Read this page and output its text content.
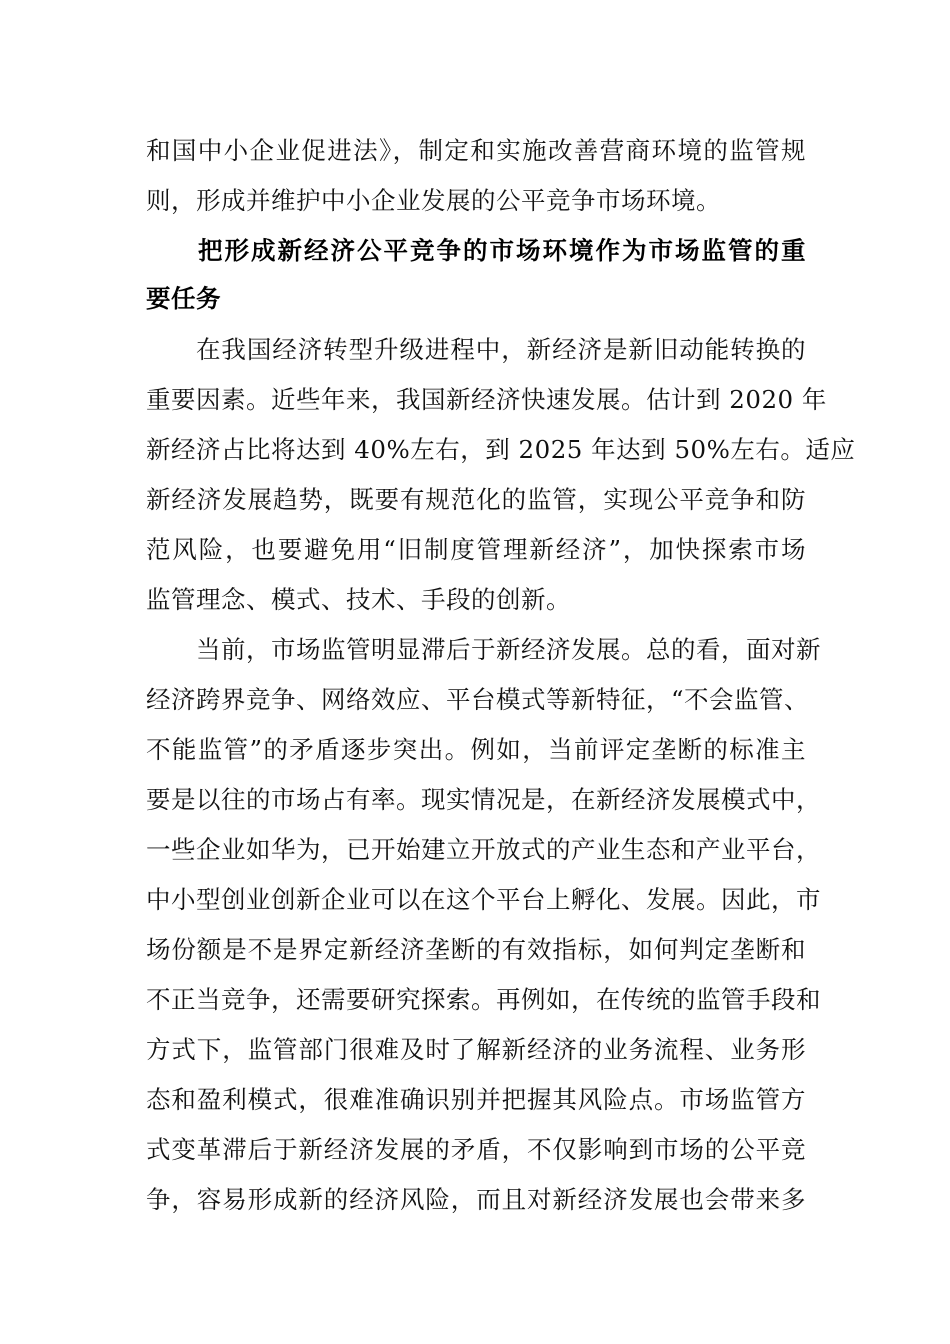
和国中小企业促进法》，制定和实施改善营商环境的监管规
则，形成并维护中小企业发展的公平竞争市场环境。
把形成新经济公平竞争的市场环境作为市场监管的重
要任务
在我国经济转型升级进程中，新经济是新旧动能转换的
重要因素。近些年来，我国新经济快速发展。估计到 2020 年
新经济占比将达到 40%左右，到 2025 年达到 50%左右。适应
新经济发展趋势，既要有规范化的监管，实现公平竞争和防
范风险，也要避免用“旧制度管理新经济”，加快探索市场
监管理念、模式、技术、手段的创新。
当前，市场监管明显滞后于新经济发展。总的看，面对新
经济跨界竞争、网络效应、平台模式等新特征，“不会监管、
不能监管”的矛盾逐步突出。例如，当前评定垄断的标准主
要是以往的市场占有率。现实情况是，在新经济发展模式中，
一些企业如华为，已开始建立开放式的产业生态和产业平台，
中小型创业创新企业可以在这个平台上孵化、发展。因此，市
场份额是不是界定新经济垄断的有效指标，如何判定垄断和
不正当竞争，还需要研究探索。再例如，在传统的监管手段和
方式下，监管部门很难及时了解新经济的业务流程、业务形
态和盈利模式，很难准确识别并把握其风险点。市场监管方
式变革滞后于新经济发展的矛盾，不仅影响到市场的公平竞
争，容易形成新的经济风险，而且对新经济发展也会带来多
